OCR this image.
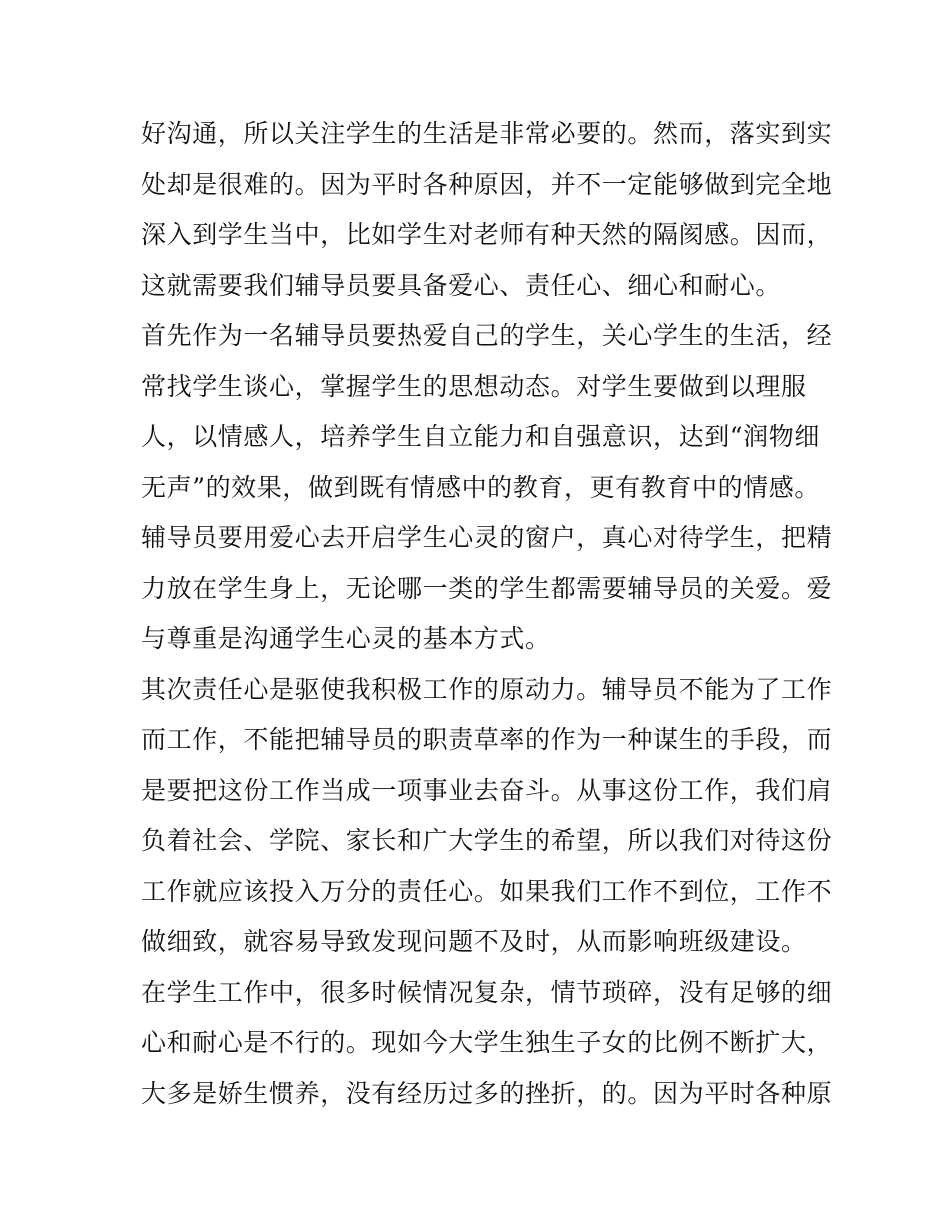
好沟通，所以关注学生的生活是非常必要的。然而，落实到实
处却是很难的。因为平时各种原因，并不一定能够做到完全地
深入到学生当中，比如学生对老师有种天然的隔阂感。因而，
这就需要我们辅导员要具备爱心、责任心、细心和耐心。
首先作为一名辅导员要热爱自己的学生，关心学生的生活，经
常找学生谈心，掌握学生的思想动态。对学生要做到以理服
人，以情感人，培养学生自立能力和自强意识，达到“润物细
无声”的效果，做到既有情感中的教育，更有教育中的情感。
辅导员要用爱心去开启学生心灵的窗户，真心对待学生，把精
力放在学生身上，无论哪一类的学生都需要辅导员的关爱。爱
与尊重是沟通学生心灵的基本方式。
其次责任心是驱使我积极工作的原动力。辅导员不能为了工作
而工作，不能把辅导员的职责草率的作为一种谋生的手段，而
是要把这份工作当成一项事业去奋斗。从事这份工作，我们肩
负着社会、学院、家长和广大学生的希望，所以我们对待这份
工作就应该投入万分的责任心。如果我们工作不到位，工作不
做细致，就容易导致发现问题不及时，从而影响班级建设。
在学生工作中，很多时候情况复杂，情节琐碎，没有足够的细
心和耐心是不行的。现如今大学生独生子女的比例不断扩大，
大多是娇生惯养，没有经历过多的挫折，的。因为平时各种原
